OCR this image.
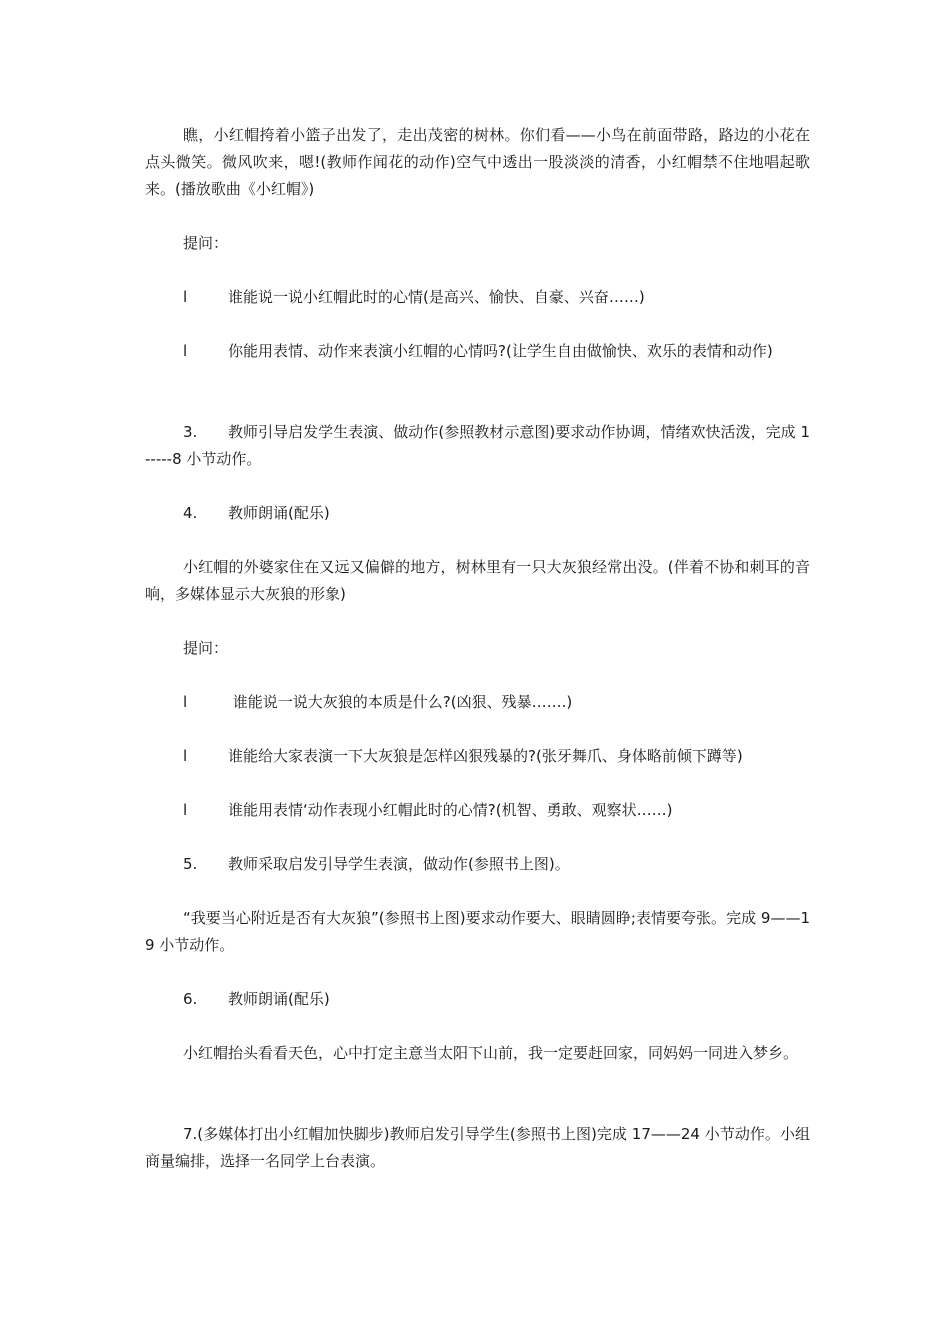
瞧，小红帽挎着小篮子出发了，走出茂密的树林。你们看——小鸟在前面带路，路边的小花在点头微笑。微风吹来，嗯!(教师作闻花的动作)空气中透出一股淡淡的清香，小红帽禁不住地唱起歌来。(播放歌曲《小红帽》)

提问：

l	谁能说一说小红帽此时的心情(是高兴、愉快、自豪、兴奋……)

l	你能用表情、动作来表演小红帽的心情吗?(让学生自由做愉快、欢乐的表情和动作)

3. 教师引导启发学生表演、做动作(参照教材示意图)要求动作协调，情绪欢快活泼，完成 1-----8 小节动作。

4. 教师朗诵(配乐)

小红帽的外婆家住在又远又偏僻的地方，树林里有一只大灰狼经常出没。(伴着不协和刺耳的音响，多媒体显示大灰狼的形象)

提问：

l	谁能说一说大灰狼的本质是什么?(凶狠、残暴…….)

l	谁能给大家表演一下大灰狼是怎样凶狠残暴的?(张牙舞爪、身体略前倾下蹲等)

l	谁能用表情‘动作表现小红帽此时的心情?(机智、勇敢、观察状……)

5. 教师采取启发引导学生表演，做动作(参照书上图)。

“我要当心附近是否有大灰狼”(参照书上图)要求动作要大、眼睛圆睁;表情要夸张。完成 9——19 小节动作。

6. 教师朗诵(配乐)

小红帽抬头看看天色，心中打定主意当太阳下山前，我一定要赶回家，同妈妈一同进入梦乡。

7.(多媒体打出小红帽加快脚步)教师启发引导学生(参照书上图)完成 17——24 小节动作。小组商量编排，选择一名同学上台表演。
